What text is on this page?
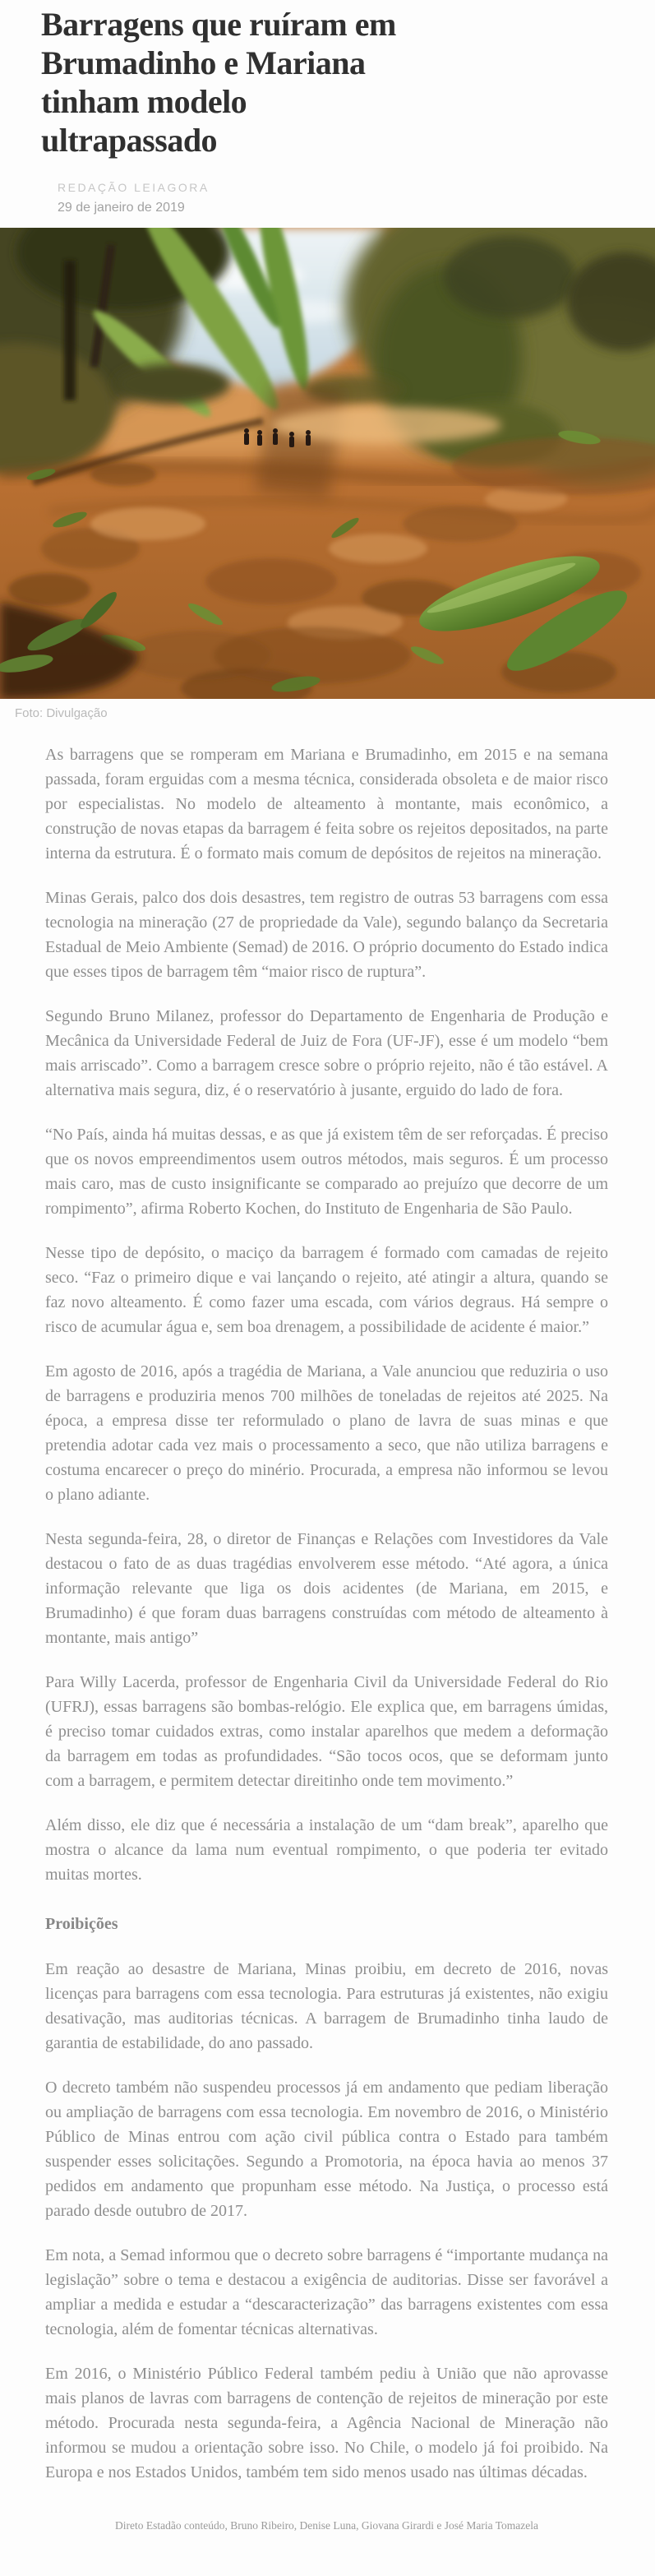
Barragens que ruíram em Brumadinho e Mariana tinham modelo ultrapassado
REDAÇÃO LEIAGORA
29 de janeiro de 2019
Foto: Divulgação

As barragens que se romperam em Mariana e Brumadinho, em 2015 e na semana passada, foram erguidas com a mesma técnica, considerada obsoleta e de maior risco por especialistas. No modelo de alteamento à montante, mais econômico, a construção de novas etapas da barragem é feita sobre os rejeitos depositados, na parte interna da estrutura. É o formato mais comum de depósitos de rejeitos na mineração.

Minas Gerais, palco dos dois desastres, tem registro de outras 53 barragens com essa tecnologia na mineração (27 de propriedade da Vale), segundo balanço da Secretaria Estadual de Meio Ambiente (Semad) de 2016. O próprio documento do Estado indica que esses tipos de barragem têm “maior risco de ruptura”.

Segundo Bruno Milanez, professor do Departamento de Engenharia de Produção e Mecânica da Universidade Federal de Juiz de Fora (UF-JF), esse é um modelo “bem mais arriscado”. Como a barragem cresce sobre o próprio rejeito, não é tão estável. A alternativa mais segura, diz, é o reservatório à jusante, erguido do lado de fora.

“No País, ainda há muitas dessas, e as que já existem têm de ser reforçadas. É preciso que os novos empreendimentos usem outros métodos, mais seguros. É um processo mais caro, mas de custo insignificante se comparado ao prejuízo que decorre de um rompimento”, afirma Roberto Kochen, do Instituto de Engenharia de São Paulo.

Nesse tipo de depósito, o maciço da barragem é formado com camadas de rejeito seco. “Faz o primeiro dique e vai lançando o rejeito, até atingir a altura, quando se faz novo alteamento. É como fazer uma escada, com vários degraus. Há sempre o risco de acumular água e, sem boa drenagem, a possibilidade de acidente é maior.”

Em agosto de 2016, após a tragédia de Mariana, a Vale anunciou que reduziria o uso de barragens e produziria menos 700 milhões de toneladas de rejeitos até 2025. Na época, a empresa disse ter reformulado o plano de lavra de suas minas e que pretendia adotar cada vez mais o processamento a seco, que não utiliza barragens e costuma encarecer o preço do minério. Procurada, a empresa não informou se levou o plano adiante.

Nesta segunda-feira, 28, o diretor de Finanças e Relações com Investidores da Vale destacou o fato de as duas tragédias envolverem esse método. “Até agora, a única informação relevante que liga os dois acidentes (de Mariana, em 2015, e Brumadinho) é que foram duas barragens construídas com método de alteamento à montante, mais antigo”

Para Willy Lacerda, professor de Engenharia Civil da Universidade Federal do Rio (UFRJ), essas barragens são bombas-relógio. Ele explica que, em barragens úmidas, é preciso tomar cuidados extras, como instalar aparelhos que medem a deformação da barragem em todas as profundidades. “São tocos ocos, que se deformam junto com a barragem, e permitem detectar direitinho onde tem movimento.”

Além disso, ele diz que é necessária a instalação de um “dam break”, aparelho que mostra o alcance da lama num eventual rompimento, o que poderia ter evitado muitas mortes.

Proibições

Em reação ao desastre de Mariana, Minas proibiu, em decreto de 2016, novas licenças para barragens com essa tecnologia. Para estruturas já existentes, não exigiu desativação, mas auditorias técnicas. A barragem de Brumadinho tinha laudo de garantia de estabilidade, do ano passado.

O decreto também não suspendeu processos já em andamento que pediam liberação ou ampliação de barragens com essa tecnologia. Em novembro de 2016, o Ministério Público de Minas entrou com ação civil pública contra o Estado para também suspender esses solicitações. Segundo a Promotoria, na época havia ao menos 37 pedidos em andamento que propunham esse método. Na Justiça, o processo está parado desde outubro de 2017.

Em nota, a Semad informou que o decreto sobre barragens é “importante mudança na legislação” sobre o tema e destacou a exigência de auditorias. Disse ser favorável a ampliar a medida e estudar a “descaracterização” das barragens existentes com essa tecnologia, além de fomentar técnicas alternativas.

Em 2016, o Ministério Público Federal também pediu à União que não aprovasse mais planos de lavras com barragens de contenção de rejeitos de mineração por este método. Procurada nesta segunda-feira, a Agência Nacional de Mineração não informou se mudou a orientação sobre isso. No Chile, o modelo já foi proibido. Na Europa e nos Estados Unidos, também tem sido menos usado nas últimas décadas.

Direto Estadão conteúdo, Bruno Ribeiro, Denise Luna, Giovana Girardi e José Maria Tomazela
